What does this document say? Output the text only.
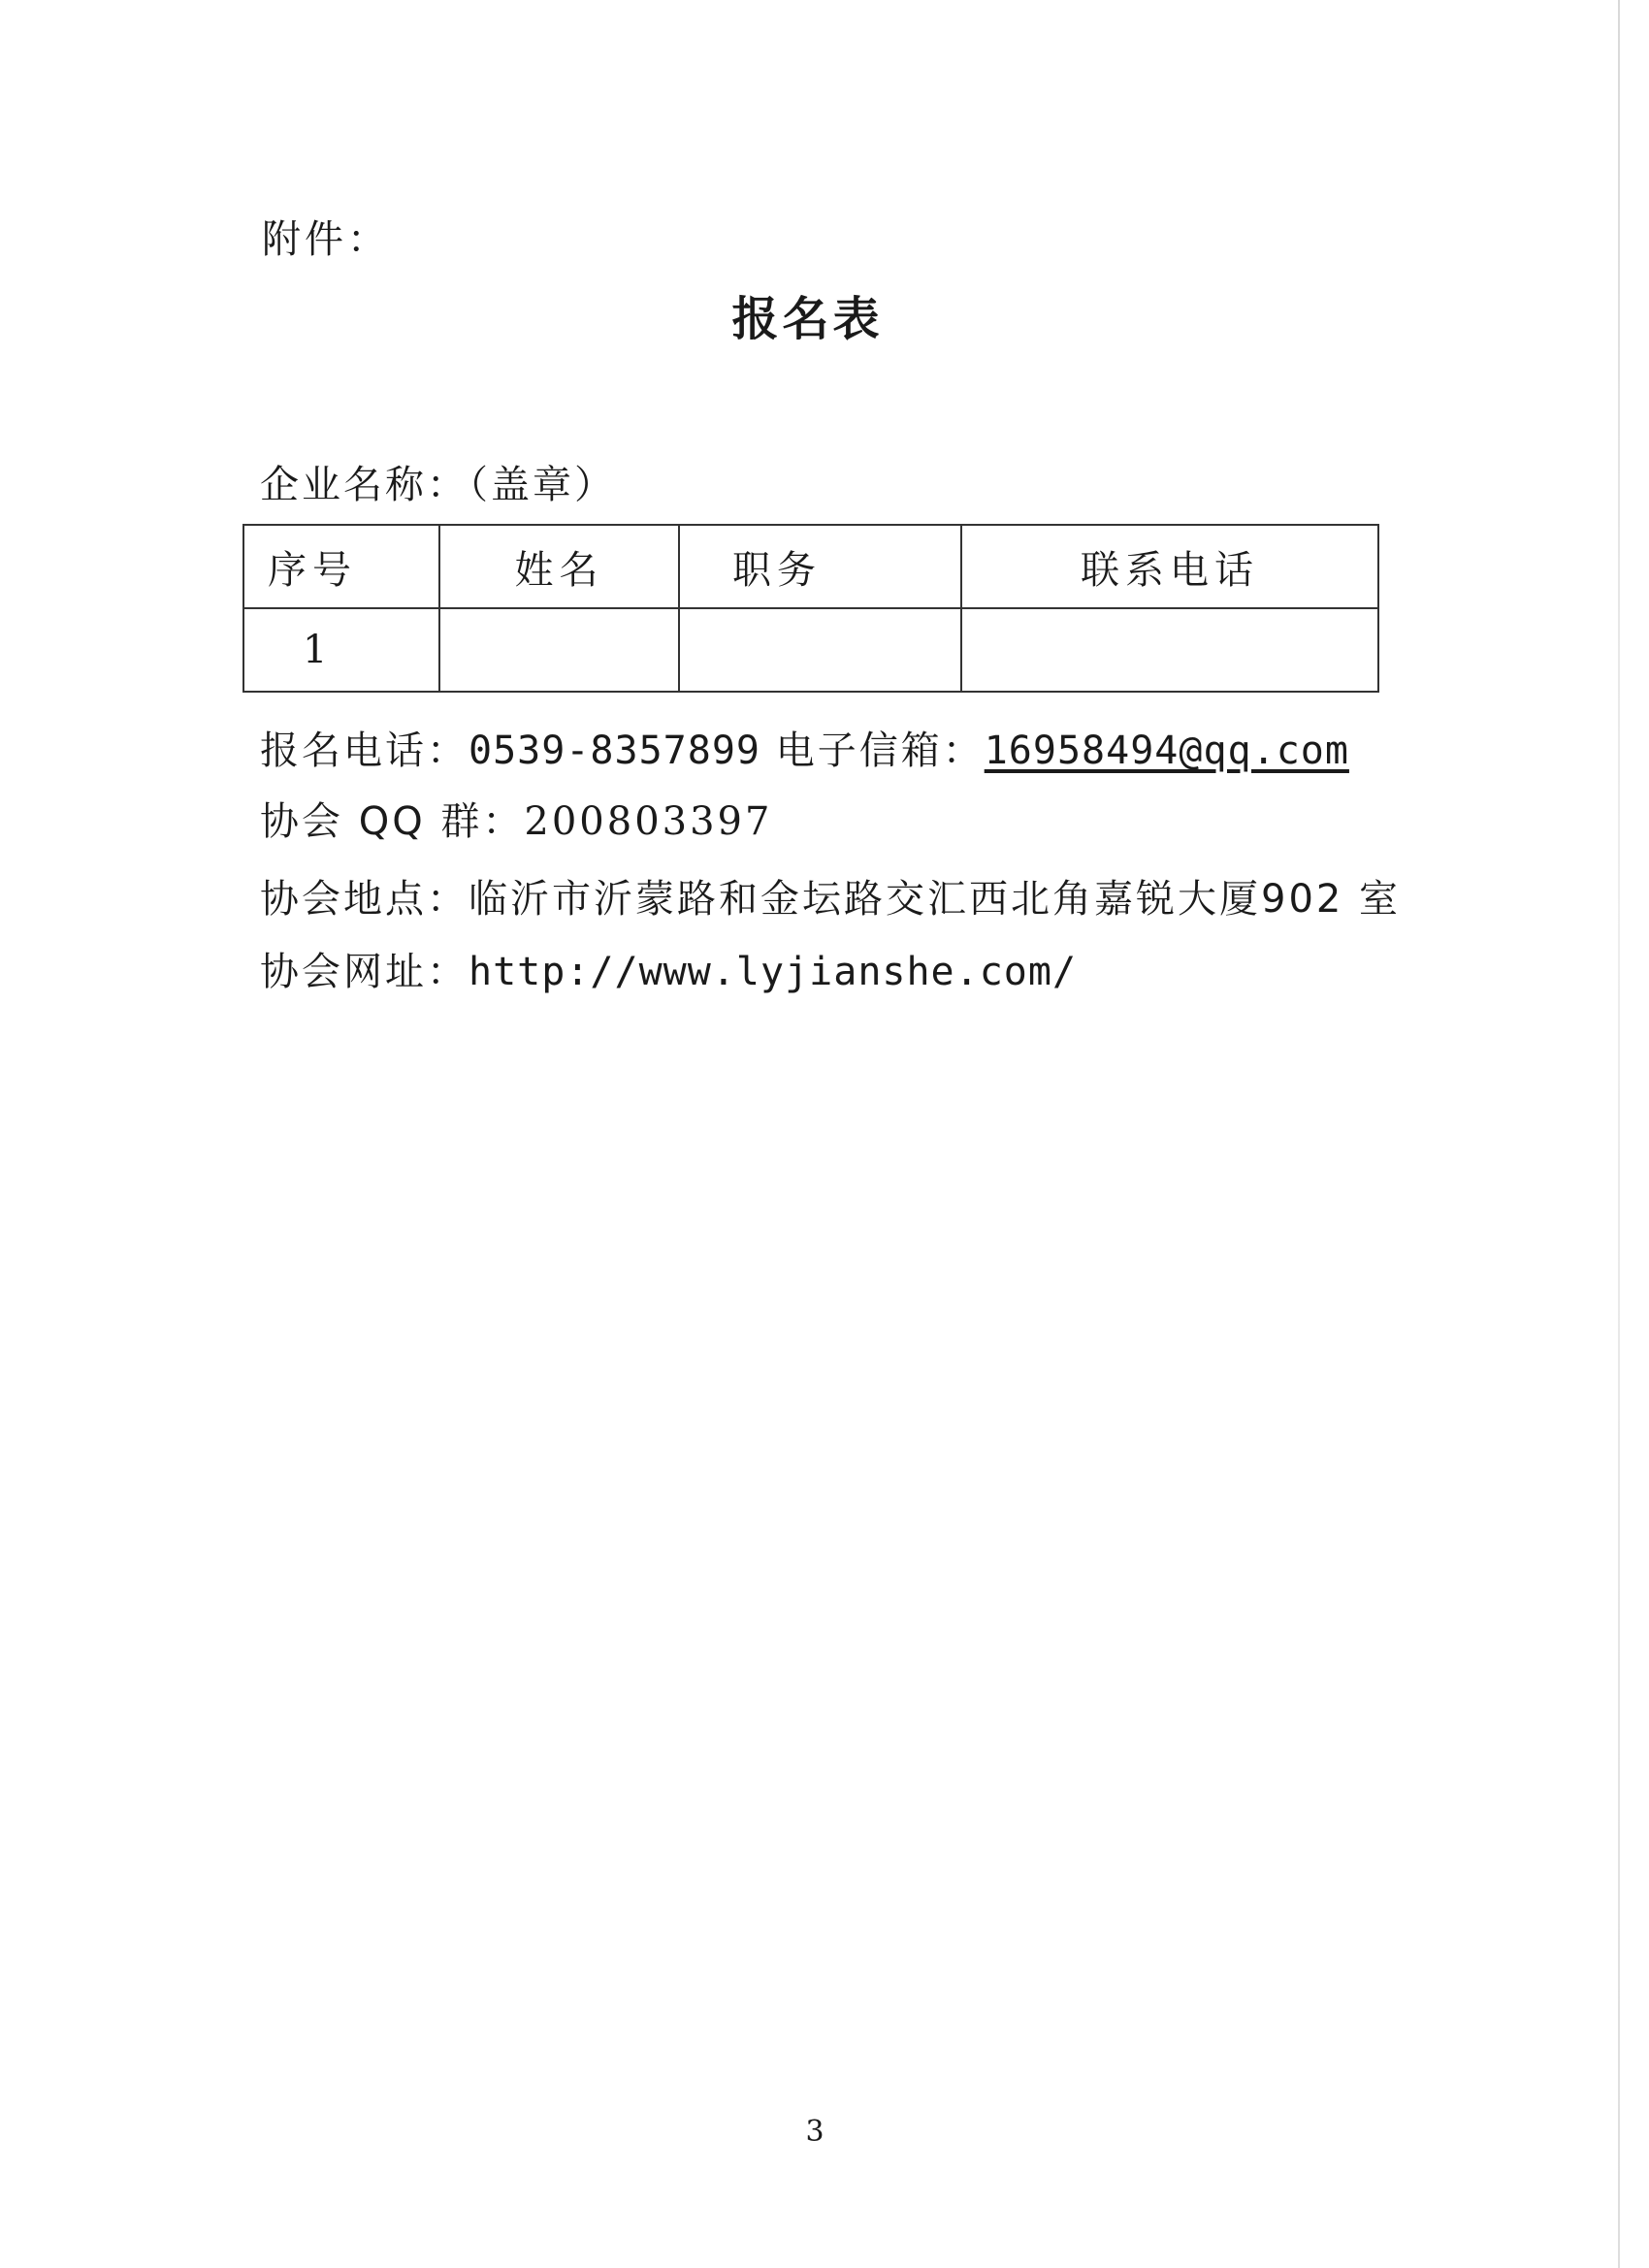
附件：
报名表
企业名称：（盖章）
序号	姓名	职务	联系电话
1			
报名电话：0539-8357899 电子信箱：16958494@qq.com
协会 QQ 群：200803397
协会地点：临沂市沂蒙路和金坛路交汇西北角嘉锐大厦902 室
协会网址：http://www.lyjianshe.com/
3
